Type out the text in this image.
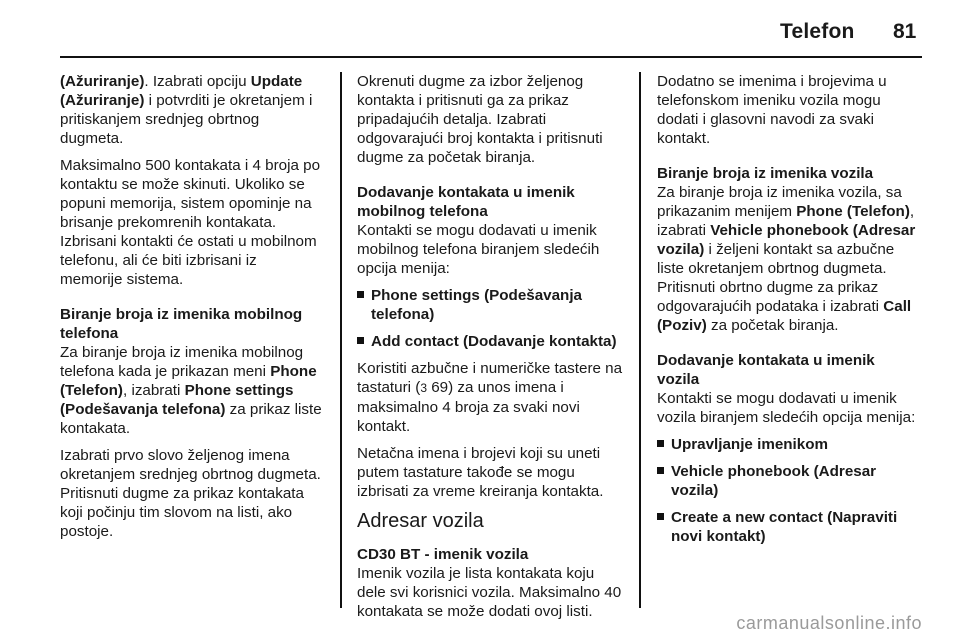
Telefon 81

(Ažuriranje). Izabrati opciju Update (Ažuriranje) i potvrditi je okretanjem i pritiskanjem srednjeg obrtnog dugmeta.

Maksimalno 500 kontakata i 4 broja po kontaktu se može skinuti. Ukoliko se popuni memorija, sistem opominje na brisanje prekomrenih kontakata. Izbrisani kontakti će ostati u mobilnom telefonu, ali će biti izbrisani iz memorije sistema.

Biranje broja iz imenika mobilnog telefona

Za biranje broja iz imenika mobilnog telefona kada je prikazan meni Phone (Telefon), izabrati Phone settings (Podešavanja telefona) za prikaz liste kontakata.

Izabrati prvo slovo željenog imena okretanjem srednjeg obrtnog dugmeta. Pritisnuti dugme za prikaz kontakata koji počinju tim slovom na listi, ako postoje.

Okrenuti dugme za izbor željenog kontakta i pritisnuti ga za prikaz pripadajućih detalja. Izabrati odgovarajući broj kontakta i pritisnuti dugme za početak biranja.

Dodavanje kontakata u imenik mobilnog telefona

Kontakti se mogu dodavati u imenik mobilnog telefona biranjem sledećih opcija menija:

Phone settings (Podešavanja telefona)
Add contact (Dodavanje kontakta)

Koristiti azbučne i numeričke tastere na tastaturi (3 69) za unos imena i maksimalno 4 broja za svaki novi kontakt.

Netačna imena i brojevi koji su uneti putem tastature takođe se mogu izbrisati za vreme kreiranja kontakta.

Adresar vozila
CD30 BT - imenik vozila

Imenik vozila je lista kontakata koju dele svi korisnici vozila. Maksimalno 40 kontakata se može dodati ovoj listi.

Dodatno se imenima i brojevima u telefonskom imeniku vozila mogu dodati i glasovni navodi za svaki kontakt.

Biranje broja iz imenika vozila

Za biranje broja iz imenika vozila, sa prikazanim menijem Phone (Telefon), izabrati Vehicle phonebook (Adresar vozila) i željeni kontakt sa azbučne liste okretanjem obrtnog dugmeta. Pritisnuti obrtno dugme za prikaz odgovarajućih podataka i izabrati Call (Poziv) za početak biranja.

Dodavanje kontakata u imenik vozila

Kontakti se mogu dodavati u imenik vozila biranjem sledećih opcija menija:

Upravljanje imenikom
Vehicle phonebook (Adresar vozila)
Create a new contact (Napraviti novi kontakt)
carmanualsonline.info
